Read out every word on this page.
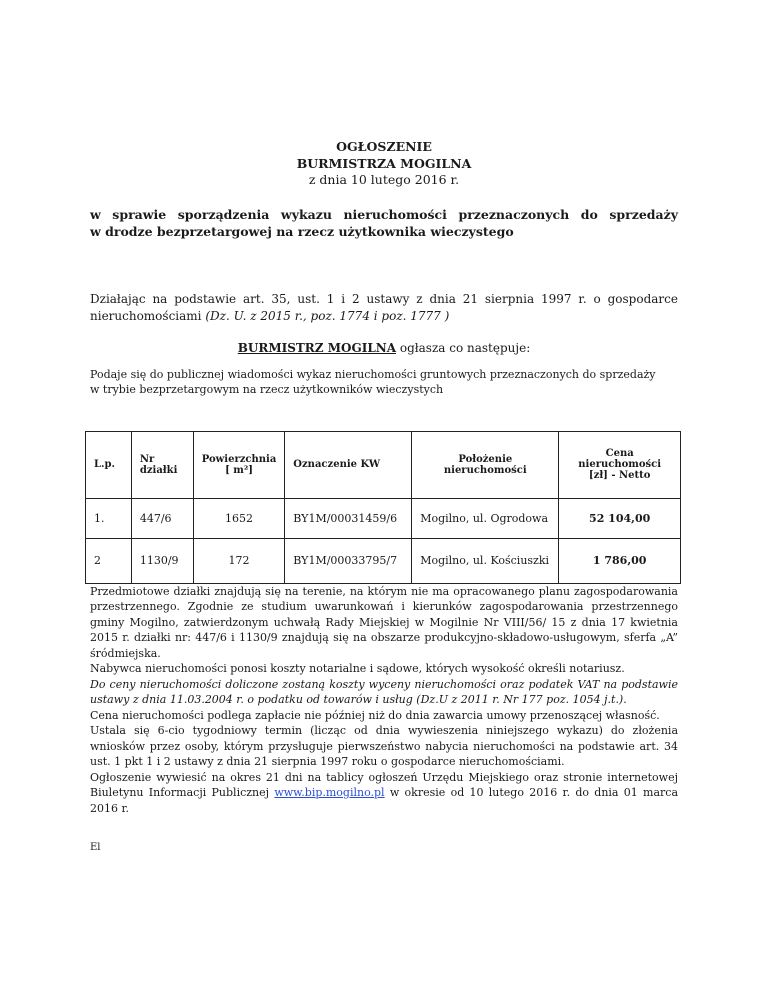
OGŁOSZENIE
BURMISTRZA MOGILNA
z dnia 10 lutego 2016 r.
w sprawie sporządzenia wykazu nieruchomości przeznaczonych do sprzedaży
w drodze bezprzetargowej na rzecz użytkownika wieczystego
Działając na podstawie art. 35, ust. 1 i 2 ustawy z dnia 21 sierpnia 1997 r. o gospodarce
nieruchomościami (Dz. U. z 2015 r., poz. 1774 i poz. 1777 )
BURMISTRZ MOGILNA ogłasza co następuje:
Podaje się do publicznej wiadomości wykaz nieruchomości gruntowych przeznaczonych do sprzedaży
w trybie bezprzetargowym na rzecz użytkowników wieczystych
L.p.	Nr działki	Powierzchnia [ m²]	Oznaczenie KW	Położenie nieruchomości	Cena nieruchomości [zł] - Netto
1.	447/6	1652	BY1M/00031459/6	Mogilno, ul. Ogrodowa	52 104,00
2	1130/9	172	BY1M/00033795/7	Mogilno, ul. Kościuszki	1 786,00

Przedmiotowe działki znajdują się na terenie, na którym nie ma opracowanego planu zagospodarowania przestrzennego. Zgodnie ze studium uwarunkowań i kierunków zagospodarowania przestrzennego gminy Mogilno, zatwierdzonym uchwałą Rady Miejskiej w Mogilnie Nr VIII/56/ 15 z dnia 17 kwietnia 2015 r. działki nr: 447/6 i 1130/9 znajdują się na obszarze produkcyjno-składowo-usługowym, sferfa „A” śródmiejska.

Nabywca nieruchomości ponosi koszty notarialne i sądowe, których wysokość określi notariusz.

Do ceny nieruchomości doliczone zostaną koszty wyceny nieruchomości oraz podatek VAT na podstawie ustawy z dnia 11.03.2004 r. o podatku od towarów i usług (Dz.U z 2011 r. Nr 177 poz. 1054 j.t.).

Cena nieruchomości podlega zapłacie nie później niż do dnia zawarcia umowy przenoszącej własność.

Ustala się 6-cio tygodniowy termin (licząc od dnia wywieszenia niniejszego wykazu) do złożenia wniosków przez osoby, którym przysługuje pierwszeństwo nabycia nieruchomości na podstawie art. 34 ust. 1 pkt 1 i 2 ustawy z dnia 21 sierpnia 1997 roku o gospodarce nieruchomościami.

Ogłoszenie wywiesić na okres 21 dni na tablicy ogłoszeń Urzędu Miejskiego oraz stronie internetowej Biuletynu Informacji Publicznej www.bip.mogilno.pl w okresie od 10 lutego 2016 r. do dnia 01 marca 2016 r.

El
